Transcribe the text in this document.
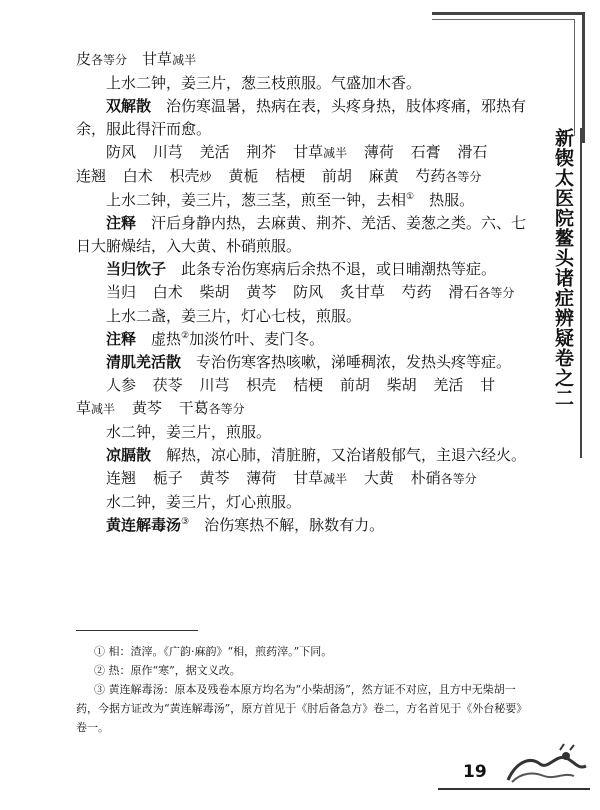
新锲太医院鳌头诸症辨疑卷之二

皮各等分　 甘草减半

上水二钟，姜三片，葱三枝煎服。气盛加木香。

双解散　 治伤寒温暑，热病在表，头疼身热，肢体疼痛，邪热有余，服此得汗而愈。

防风 川芎 羌活 荆芥 甘草减半 薄荷 石膏 滑石

连翘 白术 枳壳炒 黄栀 桔梗 前胡 麻黄 芍药各等分

上水二钟，姜三片，葱三茎，煎至一钟，去相①　 热服。

注释　 汗后身静内热，去麻黄、荆芥、羌活、姜葱之类。六、七日大腑燥结，入大黄、朴硝煎服。

当归饮子　 此条专治伤寒病后余热不退，或日晡潮热等症。

当归 白术 柴胡 黄芩 防风 炙甘草 芍药 滑石各等分

上水二盏，姜三片，灯心七枝，煎服。

注释　 虚热②加淡竹叶、麦门冬。

清肌羌活散　 专治伤寒客热咳嗽，涕唾稠浓，发热头疼等症。

人参 茯苓 川芎 枳壳 桔梗 前胡 柴胡 羌活 甘

草减半 黄芩 干葛各等分

水二钟，姜三片，煎服。

凉膈散　 解热，凉心肺，清脏腑，又治诸般郁气，主退六经火。

连翘 栀子 黄芩 薄荷 甘草减半 大黄 朴硝各等分

水二钟，姜三片，灯心煎服。

黄连解毒汤③　 治伤寒热不解，脉数有力。

① 相：渣滓。《广韵·麻韵》“相，煎药滓。”下同。

② 热：原作“寒”，据文义改。

③ 黄连解毒汤：原本及残卷本原方均名为“小柴胡汤”，然方证不对应，且方中无柴胡一药，今据方证改为“黄连解毒汤”，原方首见于《肘后备急方》卷二，方名首见于《外台秘要》卷一。

19
